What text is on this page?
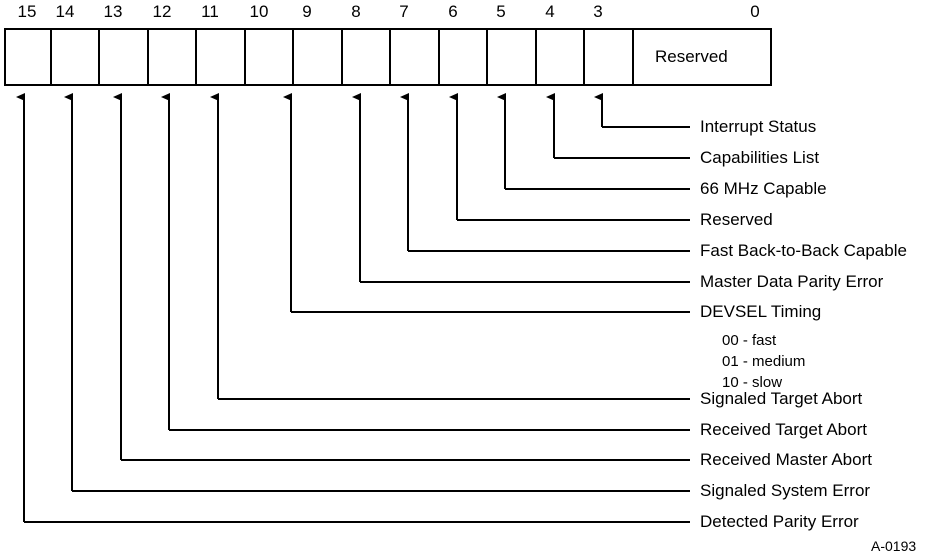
15	14	13	12	11	10	9	8	7	6	5	4	3	0
Reserved
Interrupt Status
Capabilities List
66 MHz Capable
Reserved
Fast Back-to-Back Capable
Master Data Parity Error
DEVSEL Timing
Signaled Target Abort
Received Target Abort
Received Master Abort
Signaled System Error
Detected Parity Error
00 - fast
01 - medium
10 - slow
A-0193
